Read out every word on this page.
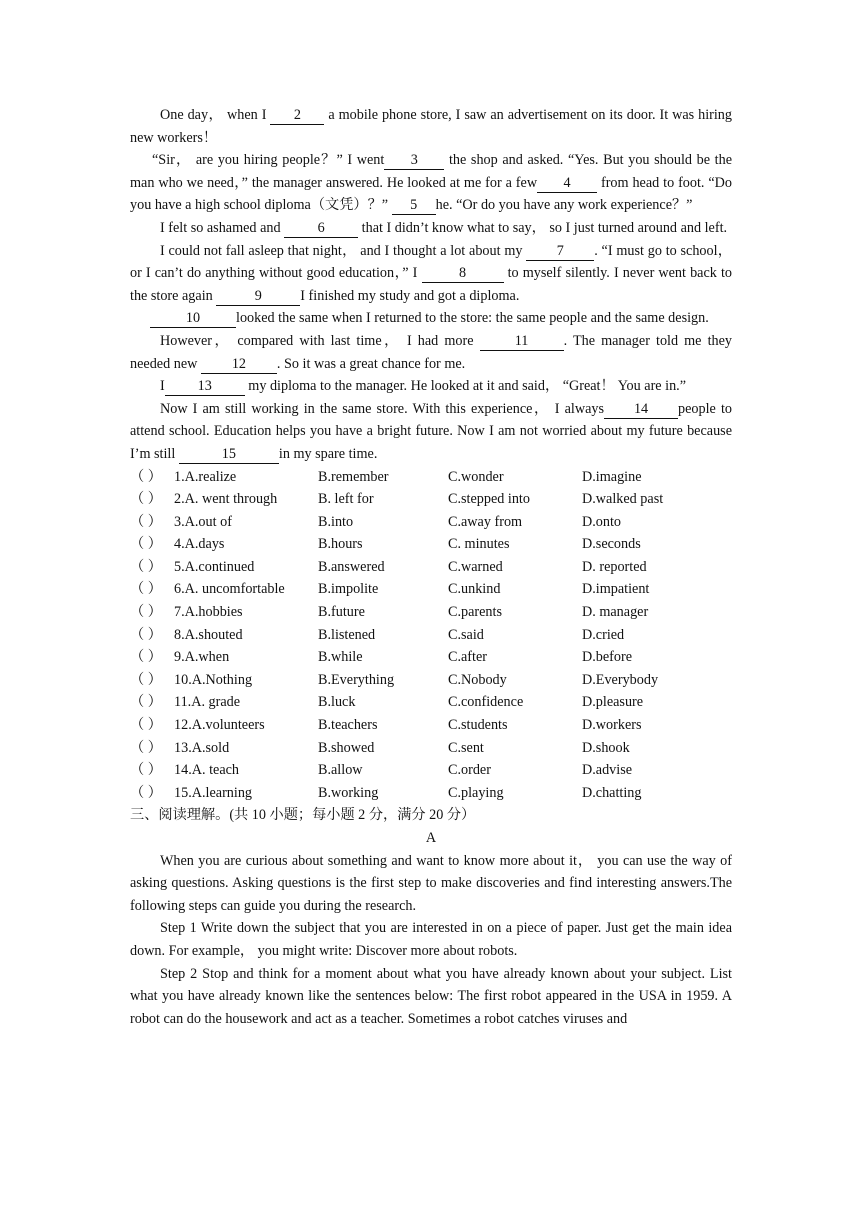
One day， when I 2 a mobile phone store, I saw an advertisement on its door. It was hiring new workers！

“Sir， are you hiring people？” I went 3 the shop and asked. “Yes. But you should be the man who we need，” the manager answered. He looked at me for a few 4 from head to foot. “Do you have a high school diploma（文凭）？” 5 he. “Or do you have any work experience？”

I felt so ashamed and 6 that I didn’t know what to say， so I just turned around and left.

I could not fall asleep that night， and I thought a lot about my 7 . “I must go to school， or I can’t do anything without good education，” I	8	to myself silently. I never went back to the store again	9	I finished my study and got a diploma.

10	looked the same when I returned to the store: the same people and the same design.

However， compared with last time， I had more 11 . The manager told me they needed new 12 . So it was a great chance for me.

I 13 my diploma to the manager. He looked at it and said， “Great！ You are in.”

Now I am still working in the same store. With this experience， I always 14 people to attend school. Education helps you have a bright future. Now I am not worried about my future because I’m still	15	in my spare time.

（ ） 1.A.realize	B.remember	C.wonder	D.imagine
（ ） 2.A. went through	B. left for	C.stepped into	D.walked past
（ ） 3.A.out of	B.into	C.away from	D.onto
（ ） 4.A.days	B.hours	C. minutes	D.seconds
（ ） 5.A.continued	B.answered	C.warned	D. reported
（ ） 6.A. uncomfortable B.impolite	C.unkind	D.impatient
（ ） 7.A.hobbies	B.future	C.parents	D. manager
（ ） 8.A.shouted	B.listened	C.said	D.cried
（ ） 9.A.when	B.while	C.after	D.before
（ ） 10.A.Nothing	B.Everything	C.Nobody	D.Everybody
（ ） 11.A. grade	B.luck	C.confidence	D.pleasure
（ ） 12.A.volunteers	B.teachers	C.students	D.workers
（ ） 13.A.sold	B.showed	C.sent	D.shook
（ ） 14.A. teach	B.allow	C.order	D.advise
（ ） 15.A.learning	B.working	C.playing	D.chatting

三、阅读理解。(共 10 小题；每小题 2 分，满分 20 分）

A

When you are curious about something and want to know more about it， you can use the way of asking questions. Asking questions is the first step to make discoveries and find interesting answers.The following steps can guide you during the research.

Step 1 Write down the subject that you are interested in on a piece of paper. Just get the main idea down. For example， you might write: Discover more about robots.

Step 2 Stop and think for a moment about what you have already known about your subject. List what you have already known like the sentences below: The first robot appeared in the USA in 1959. A robot can do the housework and act as a teacher. Sometimes a robot catches viruses and
